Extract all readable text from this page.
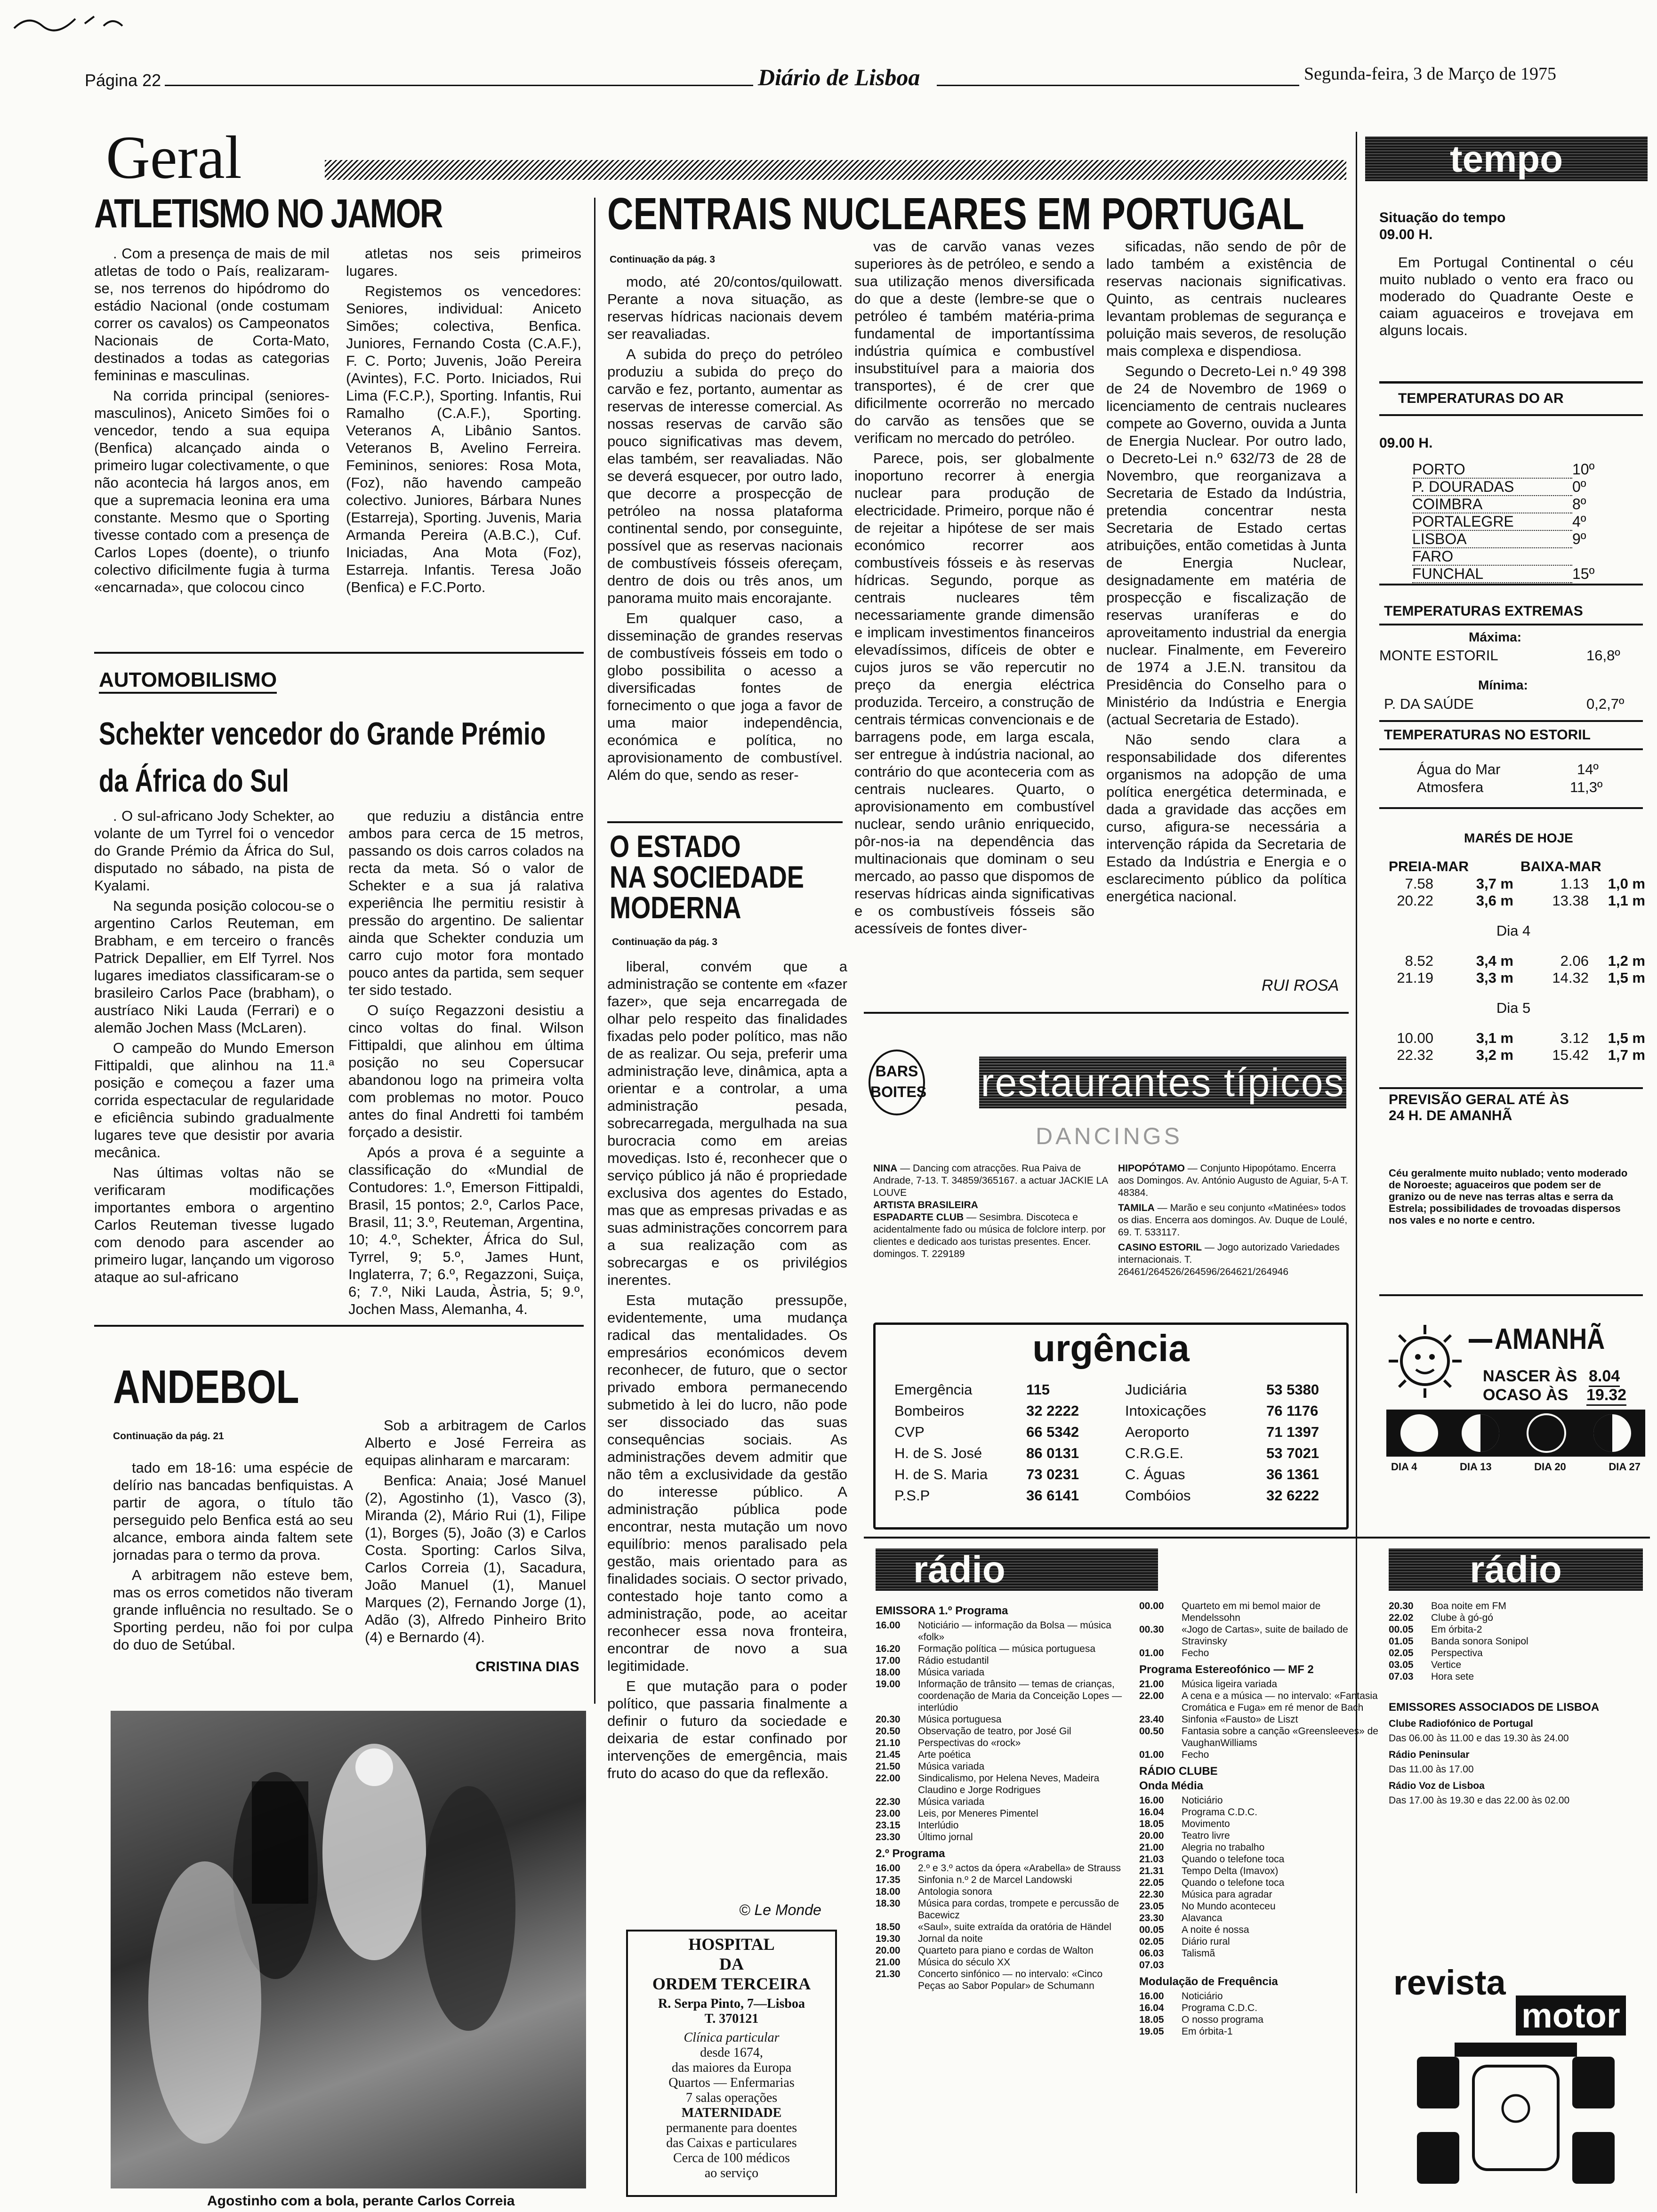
Página 22	Diário de Lisboa	Segunda-feira, 3 de Março de 1975
Geral
ATLETISMO NO JAMOR

. Com a presença de mais de mil atletas de todo o País, realizaram-se, nos terrenos do hipódromo do estádio Nacional (onde costumam correr os cavalos) os Campeonatos Nacionais de Corta-Mato, destinados a todas as categorias femininas e masculinas.

Na corrida principal (seniores-masculinos), Aniceto Simões foi o vencedor, tendo a sua equipa (Benfica) alcançado ainda o primeiro lugar colectivamente, o que não acontecia há largos anos, em que a supremacia leonina era uma constante. Mesmo que o Sporting tivesse contado com a presença de Carlos Lopes (doente), o triunfo colectivo dificilmente fugia à turma «encarnada», que colocou cinco

atletas nos seis primeiros lugares.

Registemos os vencedores: Seniores, individual: Aniceto Simões; colectiva, Benfica. Juniores, Fernando Costa (C.A.F.), F. C. Porto; Juvenis, João Pereira (Avintes), F.C. Porto. Iniciados, Rui Lima (F.C.P.), Sporting. Infantis, Rui Ramalho (C.A.F.), Sporting. Veteranos A, Libânio Santos. Veteranos B, Avelino Ferreira. Femininos, seniores: Rosa Mota, (Foz), não havendo campeão colectivo. Juniores, Bárbara Nunes (Estarreja), Sporting. Juvenis, Maria Armanda Pereira (A.B.C.), Cuf. Iniciadas, Ana Mota (Foz), Estarreja. Infantis. Teresa João (Benfica) e F.C.Porto.

AUTOMOBILISMO
Schekter vencedor do Grande Prémio
da África do Sul

. O sul-africano Jody Schekter, ao volante de um Tyrrel foi o vencedor do Grande Prémio da África do Sul, disputado no sábado, na pista de Kyalami.

Na segunda posição colocou-se o argentino Carlos Reuteman, em Brabham, e em terceiro o francês Patrick Depallier, em Elf Tyrrel. Nos lugares imediatos classificaram-se o brasileiro Carlos Pace (brabham), o austríaco Niki Lauda (Ferrari) e o alemão Jochen Mass (McLaren).

O campeão do Mundo Emerson Fittipaldi, que alinhou na 11.ª posição e começou a fazer uma corrida espectacular de regularidade e eficiência subindo gradualmente lugares teve que desistir por avaria mecânica.

Nas últimas voltas não se verificaram modificações importantes embora o argentino Carlos Reuteman tivesse lugado com denodo para ascender ao primeiro lugar, lançando um vigoroso ataque ao sul-africano

que reduziu a distância entre ambos para cerca de 15 metros, passando os dois carros colados na recta da meta. Só o valor de Schekter e a sua já ralativa experiência lhe permitiu resistir à pressão do argentino. De salientar ainda que Schekter conduzia um carro cujo motor fora montado pouco antes da partida, sem sequer ter sido testado.

O suíço Regazzoni desistiu a cinco voltas do final. Wilson Fittipaldi, que alinhou em última posição no seu Copersucar abandonou logo na primeira volta com problemas no motor. Pouco antes do final Andretti foi também forçado a desistir.

Após a prova é a seguinte a classificação do «Mundial de Contudores: 1.º, Emerson Fittipaldi, Brasil, 15 pontos; 2.º, Carlos Pace, Brasil, 11; 3.º, Reuteman, Argentina, 10; 4.º, Schekter, África do Sul, Tyrrel, 9; 5.º, James Hunt, Inglaterra, 7; 6.º, Regazzoni, Suiça, 6; 7.º, Niki Lauda, Àstria, 5; 9.º, Jochen Mass, Alemanha, 4.

ANDEBOL
Continuação da pág. 21

tado em 18-16: uma espécie de delírio nas bancadas benfiquistas. A partir de agora, o título tão perseguido pelo Benfica está ao seu alcance, embora ainda faltem sete jornadas para o termo da prova.

A arbitragem não esteve bem, mas os erros cometidos não tiveram grande influência no resultado. Se o Sporting perdeu, não foi por culpa do duo de Setúbal.

Sob a arbitragem de Carlos Alberto e José Ferreira as equipas alinharam e marcaram:

Benfica: Anaia; José Manuel (2), Agostinho (1), Vasco (3), Miranda (2), Mário Rui (1), Filipe (1), Borges (5), João (3) e Carlos Costa. Sporting: Carlos Silva, Carlos Correia (1), Sacadura, João Manuel (1), Manuel Marques (2), Fernando Jorge (1), Adão (3), Alfredo Pinheiro Brito (4) e Bernardo (4).

CRISTINA DIAS
Agostinho com a bola, perante Carlos Correia
CENTRAIS NUCLEARES EM PORTUGAL
Continuação da pág. 3

modo, até 20/contos/quilowatt. Perante a nova situação, as reservas hídricas nacionais devem ser reavaliadas.

A subida do preço do petróleo produziu a subida do preço do carvão e fez, portanto, aumentar as reservas de interesse comercial. As nossas reservas de carvão são pouco significativas mas devem, elas também, ser reavaliadas. Não se deverá esquecer, por outro lado, que decorre a prospecção de petróleo na nossa plataforma continental sendo, por conseguinte, possível que as reservas nacionais de combustíveis fósseis ofereçam, dentro de dois ou três anos, um panorama muito mais encorajante.

Em qualquer caso, a disseminação de grandes reservas de combustíveis fósseis em todo o globo possibilita o acesso a diversificadas fontes de fornecimento o que joga a favor de uma maior independência, económica e política, no aprovisionamento de combustível. Além do que, sendo as reser-

vas de carvão vanas vezes superiores às de petróleo, e sendo a sua utilização menos diversificada do que a deste (lembre-se que o petróleo é também matéria-prima fundamental de importantíssima indústria química e combustível insubstituível para a maioria dos transportes), é de crer que dificilmente ocorrerão no mercado do carvão as tensões que se verificam no mercado do petróleo.

Parece, pois, ser globalmente inoportuno recorrer à energia nuclear para produção de electricidade. Primeiro, porque não é de rejeitar a hipótese de ser mais económico recorrer aos combustíveis fósseis e às reservas hídricas. Segundo, porque as centrais nucleares têm necessariamente grande dimensão e implicam investimentos financeiros elevadíssimos, difíceis de obter e cujos juros se vão repercutir no preço da energia eléctrica produzida. Terceiro, a construção de centrais térmicas convencionais e de barragens pode, em larga escala, ser entregue à indústria nacional, ao contrário do que aconteceria com as centrais nucleares. Quarto, o aprovisionamento em combustível nuclear, sendo urânio enriquecido, pôr-nos-ia na dependência das multinacionais que dominam o seu mercado, ao passo que dispomos de reservas hídricas ainda significativas e os combustíveis fósseis são acessíveis de fontes diver-

sificadas, não sendo de pôr de lado também a existência de reservas nacionais significativas. Quinto, as centrais nucleares levantam problemas de segurança e poluição mais severos, de resolução mais complexa e dispendiosa.

Segundo o Decreto-Lei n.º 49 398 de 24 de Novembro de 1969 o licenciamento de centrais nucleares compete ao Governo, ouvida a Junta de Energia Nuclear. Por outro lado, o Decreto-Lei n.º 632/73 de 28 de Novembro, que reorganizava a Secretaria de Estado da Indústria, pretendia concentrar nesta Secretaria de Estado certas atribuições, então cometidas à Junta de Energia Nuclear, designadamente em matéria de prospecção e fiscalização de reservas uraníferas e do aproveitamento industrial da energia nuclear. Finalmente, em Fevereiro de 1974 a J.E.N. transitou da Presidência do Conselho para o Ministério da Indústria e Energia (actual Secretaria de Estado).

Não sendo clara a responsabilidade dos diferentes organismos na adopção de uma política energética determinada, e dada a gravidade das acções em curso, afigura-se necessária a intervenção rápida da Secretaria de Estado da Indústria e Energia e o esclarecimento público da política energética nacional.

RUI ROSA
O ESTADO
NA SOCIEDADE
MODERNA
Continuação da pág. 3

liberal, convém que a administração se contente em «fazer fazer», que seja encarregada de olhar pelo respeito das finalidades fixadas pelo poder político, mas não de as realizar. Ou seja, preferir uma administração leve, dinâmica, apta a orientar e a controlar, a uma administração pesada, sobrecarregada, mergulhada na sua burocracia como em areias movediças. Isto é, reconhecer que o serviço público já não é propriedade exclusiva dos agentes do Estado, mas que as empresas privadas e as suas administrações concorrem para a sua realização com as sobrecargas e os privilégios inerentes.

Esta mutação pressupõe, evidentemente, uma mudança radical das mentalidades. Os empresários económicos devem reconhecer, de futuro, que o sector privado embora permanecendo submetido à lei do lucro, não pode ser dissociado das suas consequências sociais. As administrações devem admitir que não têm a exclusividade da gestão do interesse público. A administração pública pode encontrar, nesta mutação um novo equilíbrio: menos paralisado pela gestão, mais orientado para as finalidades sociais. O sector privado, contestado hoje tanto como a administração, pode, ao aceitar reconhecer essa nova fronteira, encontrar de novo a sua legitimidade.

E que mutação para o poder político, que passaria finalmente a definir o futuro da sociedade e deixaria de estar confinado por intervenções de emergência, mais fruto do acaso do que da reflexão.

© Le Monde
HOSPITAL
DA
ORDEM TERCEIRA
R. Serpa Pinto, 7—Lisboa
T. 370121
Clínica particular
desde 1674,
das maiores da Europa
Quartos — Enfermarias
7 salas operações
MATERNIDADE
permanente para doentes
das Caixas e particulares
Cerca de 100 médicos
ao serviço
BARS
BOITES restaurantes típicos
DANCINGS
NINA — Dancing com atracções. Rua Paiva de Andrade, 7-13. T. 34859/365167. a actuar JACKIE LA LOUVE
ARTISTA BRASILEIRA
ESPADARTE CLUB — Sesimbra. Discoteca e acidentalmente fado ou música de folclore interp. por clientes e dedicado aos turistas presentes. Encer. domingos. T. 229189
HIPOPÓTAMO — Conjunto Hipopótamo. Encerra aos Domingos. Av. António Augusto de Aguiar, 5-A T. 48384.
TAMILA — Marão e seu conjunto «Matinées» todos os dias. Encerra aos domingos. Av. Duque de Loulé, 69. T. 533117.
CASINO ESTORIL — Jogo autorizado Variedades internacionais. T. 26461/264526/264596/264621/264946
urgência
Emergência	115
Bombeiros	32 2222
CVP	66 5342
H. de S. José	86 0131
H. de S. Maria	73 0231
P.S.P	36 6141
Judiciária	53 5380
Intoxicações	76 1176
Aeroporto	71 1397
C.R.G.E.	53 7021
C. Águas	36 1361
Combóios	32 6222
rádio	rádio
EMISSORA 1.º Programa
16.00	Noticiário — informação da Bolsa — música «folk»
16.20	Formação política — música portuguesa
17.00	Rádio estudantil
18.00	Música variada
19.00	Informação de trânsito — temas de crianças, coordenação de Maria da Conceição Lopes — interlúdio
20.30	Música portuguesa
20.50	Observação de teatro, por José Gil
21.10	Perspectivas do «rock»
21.45	Arte poética
21.50	Música variada
22.00	Sindicalismo, por Helena Neves, Madeira Claudino e Jorge Rodrigues
22.30	Música variada
23.00	Leis, por Meneres Pimentel
23.15	Interlúdio
23.30	Último jornal
2.º Programa
16.00	2.º e 3.º actos da ópera «Arabella» de Strauss
17.35	Sinfonia n.º 2 de Marcel Landowski
18.00	Antologia sonora
18.30	Música para cordas, trompete e percussão de Bacewicz
18.50	«Saul», suite extraída da oratória de Händel
19.30	Jornal da noite
20.00	Quarteto para piano e cordas de Walton
21.00	Música do século XX
21.30	Concerto sinfónico — no intervalo: «Cinco Peças ao Sabor Popular» de Schumann
00.00	Quarteto em mi bemol maior de Mendelssohn
00.30	«Jogo de Cartas», suite de bailado de Stravinsky
01.00	Fecho
Programa Estereofónico — MF 2
21.00	Música ligeira variada
22.00	A cena e a música — no intervalo: «Fantasia Cromática e Fuga» em ré menor de Bach
23.40	Sinfonia «Fausto» de Liszt
00.50	Fantasia sobre a canção «Greensleeves» de VaughanWilliams
01.00	Fecho
RÁDIO CLUBE
Onda Média
16.00	Noticiário
16.04	Programa C.D.C.
18.05	Movimento
20.00	Teatro livre
21.00	Alegria no trabalho
21.03	Quando o telefone toca
21.31	Tempo Delta (Imavox)
22.05	Quando o telefone toca
22.30	Música para agradar
23.05	No Mundo aconteceu
23.30	Alavanca
00.05	A noite é nossa
02.05	Diário rural
06.03	Talismã
07.03
Modulação de Frequência
16.00	Noticiário
16.04	Programa C.D.C.
18.05	O nosso programa
19.05	Em órbita-1
20.30	Boa noite em FM
22.02	Clube à gó-gó
00.05	Em órbita-2
01.05	Banda sonora Sonipol
02.05	Perspectiva
03.05	Vertice
07.03	Hora sete
EMISSORES ASSOCIADOS DE LISBOA
Clube Radiofónico de Portugal
Das 06.00 às 11.00 e das 19.30 às 24.00
Rádio Peninsular
Das 11.00 às 17.00
Rádio Voz de Lisboa
Das 17.00 às 19.30 e das 22.00 às 02.00
revista
motor
tempo
Situação do tempo 09.00 H.

Em Portugal Continental o céu muito nublado o vento era fraco ou moderado do Quadrante Oeste e caiam aguaceiros e trovejava em alguns locais.

TEMPERATURAS DO AR
09.00 H.
PORTO	10º
P. DOURADAS	0º
COIMBRA	8º
PORTALEGRE	4º
LISBOA	9º
FARO
FUNCHAL	15º
TEMPERATURAS EXTREMAS
Máxima:
MONTE ESTORIL	16,8º
Mínima:
P. DA SAÚDE	0,2,7º
TEMPERATURAS NO ESTORIL
Água do Mar	14º
Atmosfera	11,3º
MARÉS DE HOJE
PREIA-MAR	BAIXA-MAR
7.58	3,7 m	1.13	1,0 m
20.22	3,6 m	13.38	1,1 m
Dia 4
8.52	3,4 m	2.06	1,2 m
21.19	3,3 m	14.32	1,5 m
Dia 5
10.00	3,1 m	3.12	1,5 m
22.32	3,2 m	15.42	1,7 m
PREVISÃO GERAL ATÉ ÀS 24 H. DE AMANHÃ
Céu geralmente muito nublado; vento moderado de Noroeste; aguaceiros que podem ser de granizo ou de neve nas terras altas e serra da Estrela; possibilidades de trovoadas dispersos nos vales e no norte e centro.
AMANHÃ
NASCER ÀS 8.04
OCASO ÀS 19.32
DIA 4	DIA 13	DIA 20	DIA 27
